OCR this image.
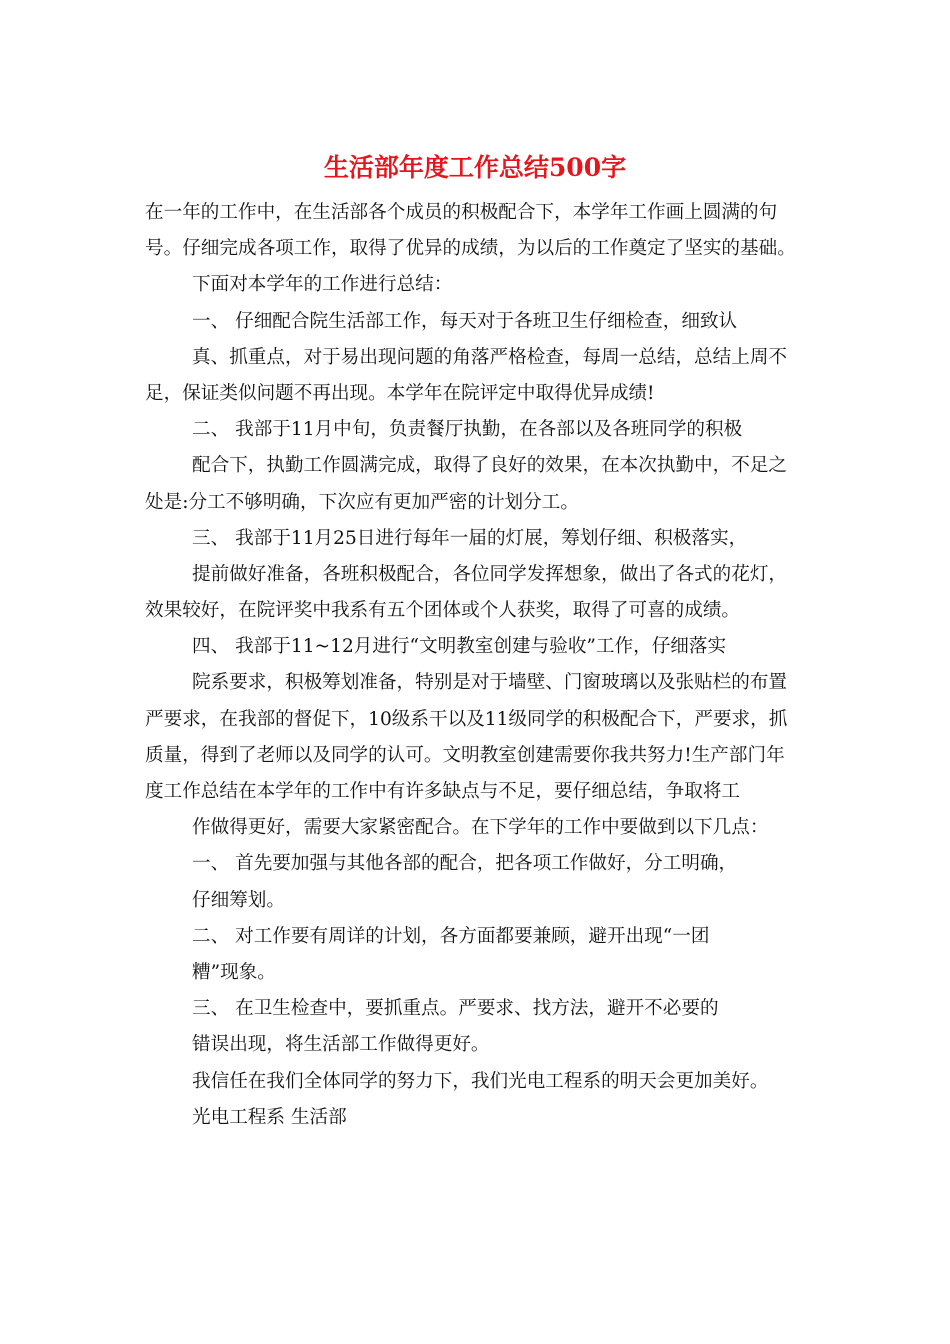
生活部年度工作总结500字
在一年的工作中，在生活部各个成员的积极配合下，本学年工作画上圆满的句
号。仔细完成各项工作，取得了优异的成绩，为以后的工作奠定了坚实的基础。
下面对本学年的工作进行总结：
一、 仔细配合院生活部工作，每天对于各班卫生仔细检查，细致认
真、抓重点，对于易出现问题的角落严格检查，每周一总结，总结上周不
足，保证类似问题不再出现。本学年在院评定中取得优异成绩!
二、 我部于11月中旬，负责餐厅执勤，在各部以及各班同学的积极
配合下，执勤工作圆满完成，取得了良好的效果，在本次执勤中，不足之
处是:分工不够明确，下次应有更加严密的计划分工。
三、 我部于11月25日进行每年一届的灯展，筹划仔细、积极落实，
提前做好准备，各班积极配合，各位同学发挥想象，做出了各式的花灯，
效果较好，在院评奖中我系有五个团体或个人获奖，取得了可喜的成绩。
四、 我部于11~12月进行“文明教室创建与验收”工作，仔细落实
院系要求，积极筹划准备，特别是对于墙壁、门窗玻璃以及张贴栏的布置
严要求，在我部的督促下，10级系干以及11级同学的积极配合下，严要求，抓
质量，得到了老师以及同学的认可。文明教室创建需要你我共努力!生产部门年
度工作总结在本学年的工作中有许多缺点与不足，要仔细总结，争取将工
作做得更好，需要大家紧密配合。在下学年的工作中要做到以下几点：
一、 首先要加强与其他各部的配合，把各项工作做好，分工明确，
仔细筹划。
二、 对工作要有周详的计划，各方面都要兼顾，避开出现“一团
糟”现象。
三、 在卫生检查中，要抓重点。严要求、找方法，避开不必要的
错误出现，将生活部工作做得更好。
我信任在我们全体同学的努力下，我们光电工程系的明天会更加美好。
光电工程系 生活部
